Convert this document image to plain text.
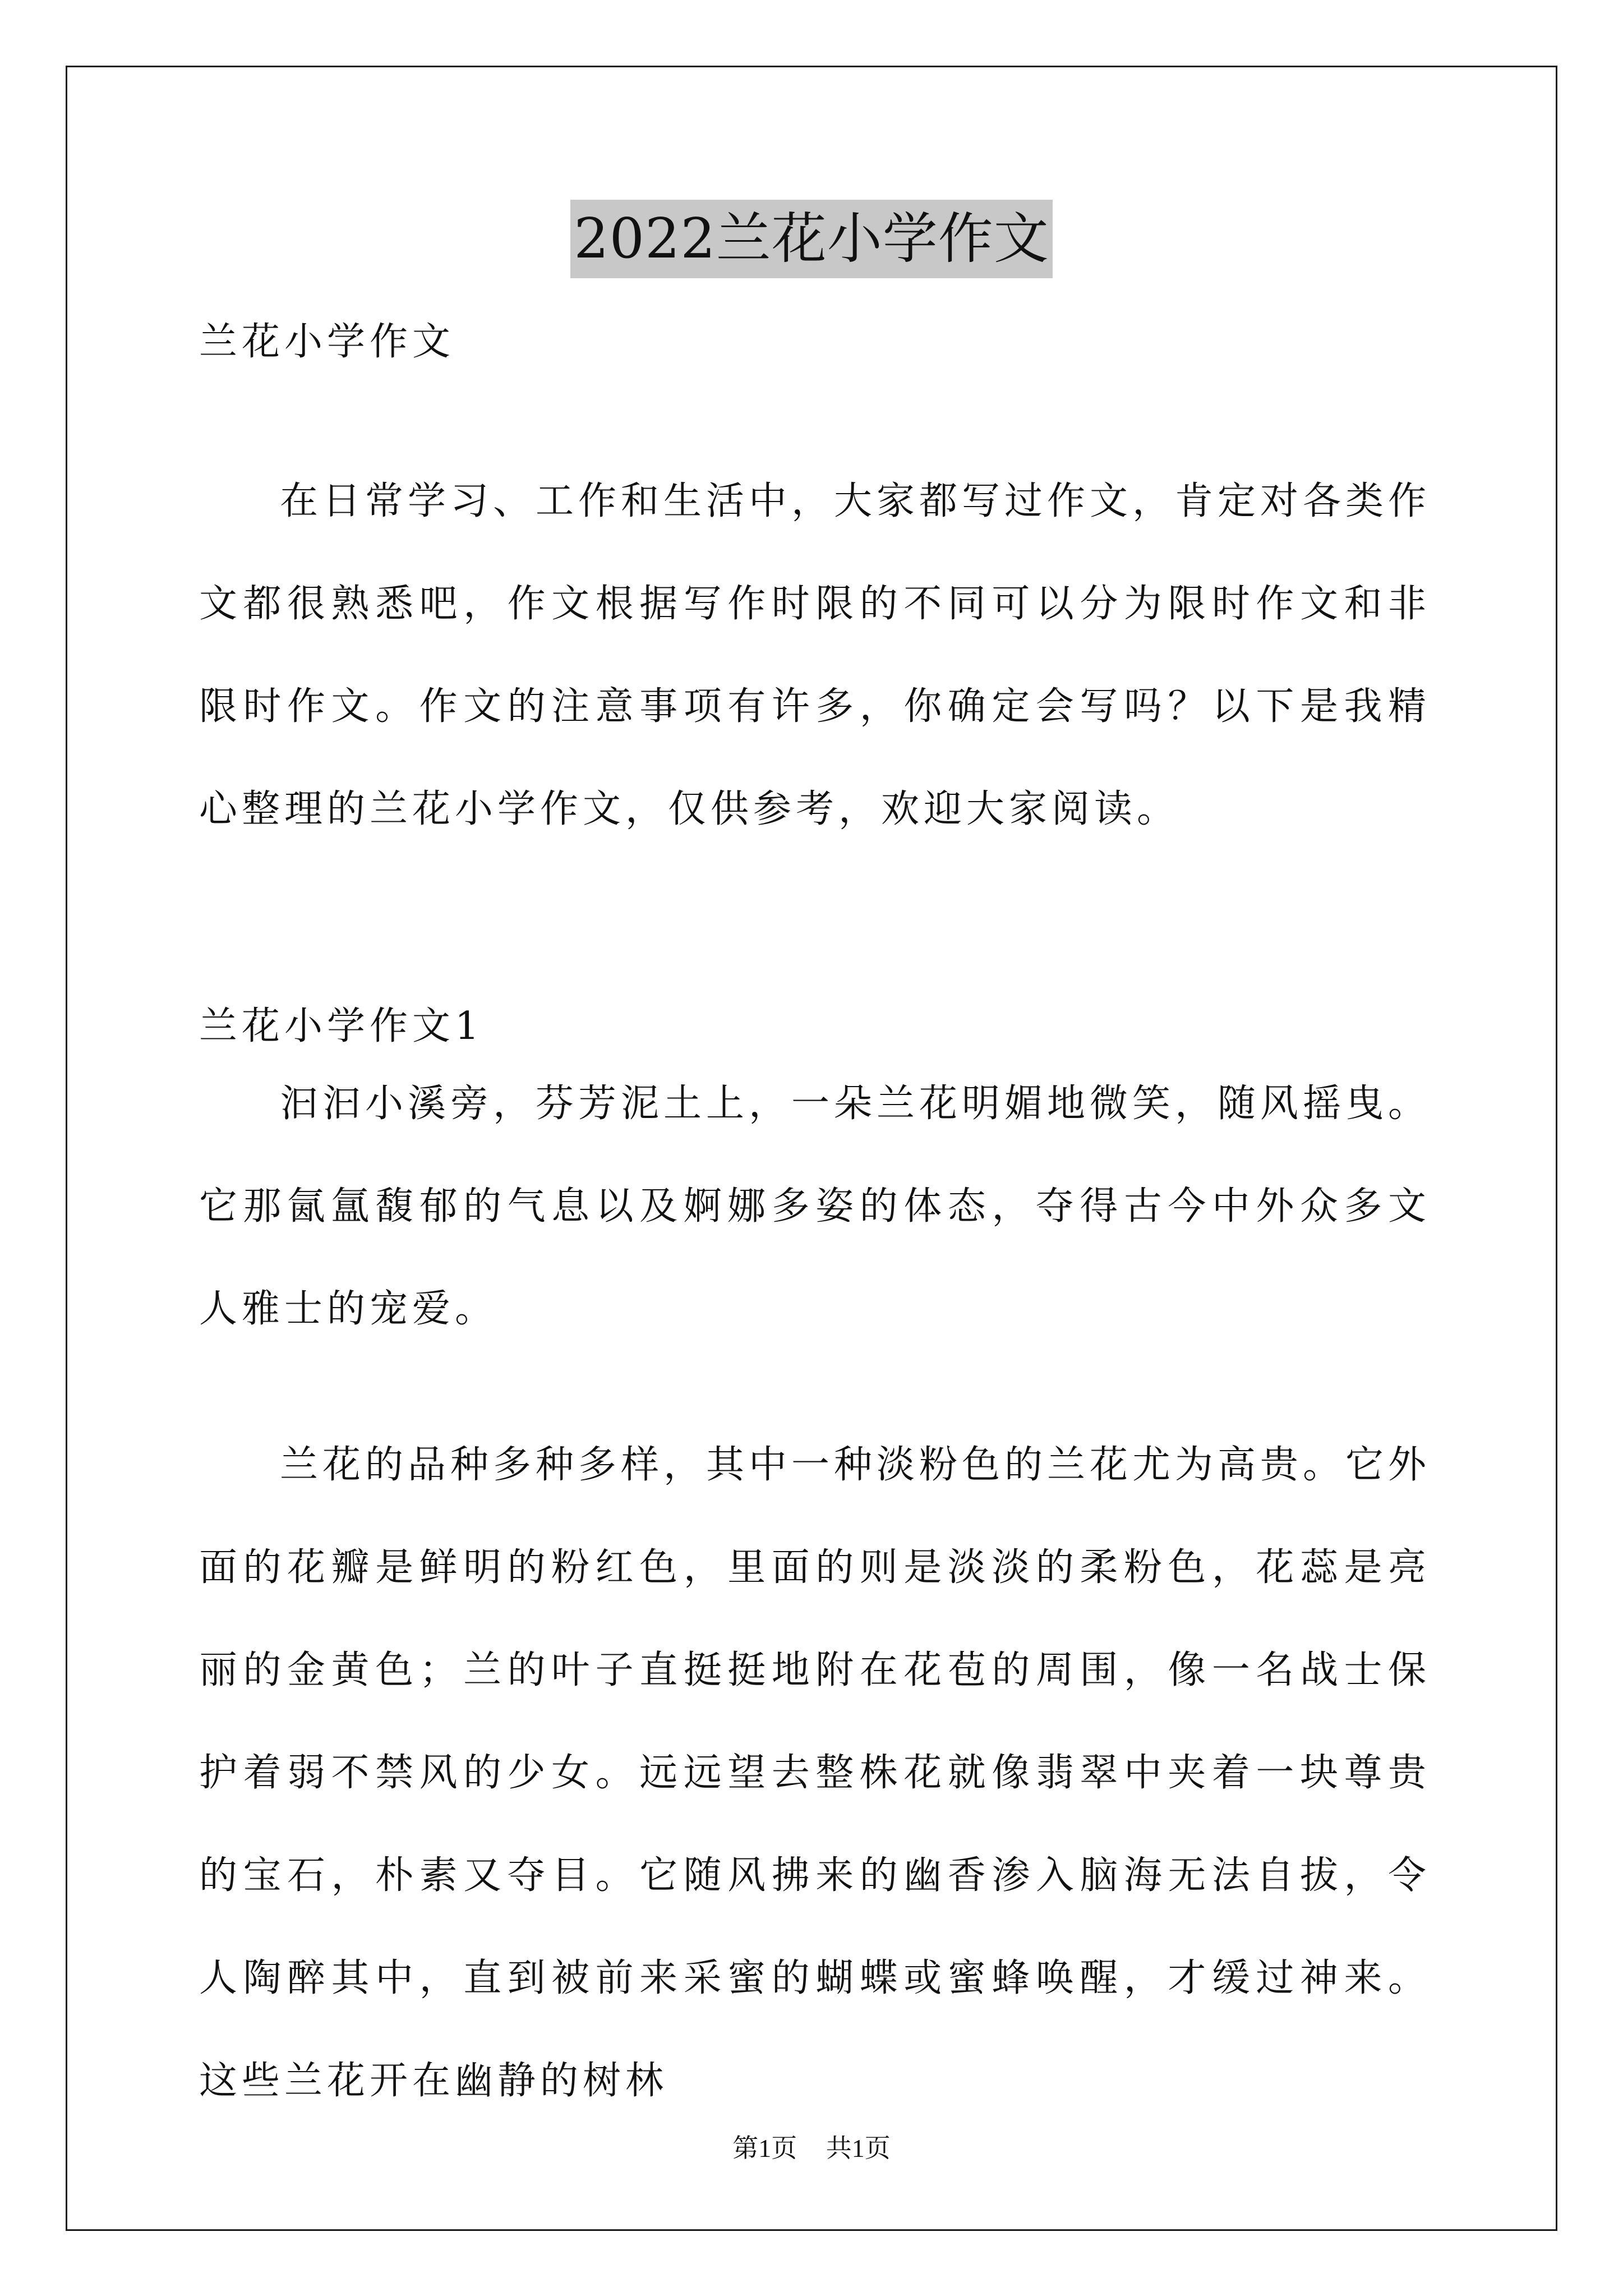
2022兰花小学作文
兰花小学作文

在日常学习、工作和生活中，大家都写过作文，肯定对各类作文都很熟悉吧，作文根据写作时限的不同可以分为限时作文和非限时作文。作文的注意事项有许多，你确定会写吗？以下是我精心整理的兰花小学作文，仅供参考，欢迎大家阅读。

兰花小学作文1

汩汩小溪旁，芬芳泥土上，一朵兰花明媚地微笑，随风摇曳。它那氤氲馥郁的气息以及婀娜多姿的体态，夺得古今中外众多文人雅士的宠爱。

兰花的品种多种多样，其中一种淡粉色的兰花尤为高贵。它外面的花瓣是鲜明的粉红色，里面的则是淡淡的柔粉色，花蕊是亮丽的金黄色；兰的叶子直挺挺地附在花苞的周围，像一名战士保护着弱不禁风的少女。远远望去整株花就像翡翠中夹着一块尊贵的宝石，朴素又夺目。它随风拂来的幽香渗入脑海无法自拔，令人陶醉其中，直到被前来采蜜的蝴蝶或蜜蜂唤醒，才缓过神来。这些兰花开在幽静的树林

第1页 共1页
